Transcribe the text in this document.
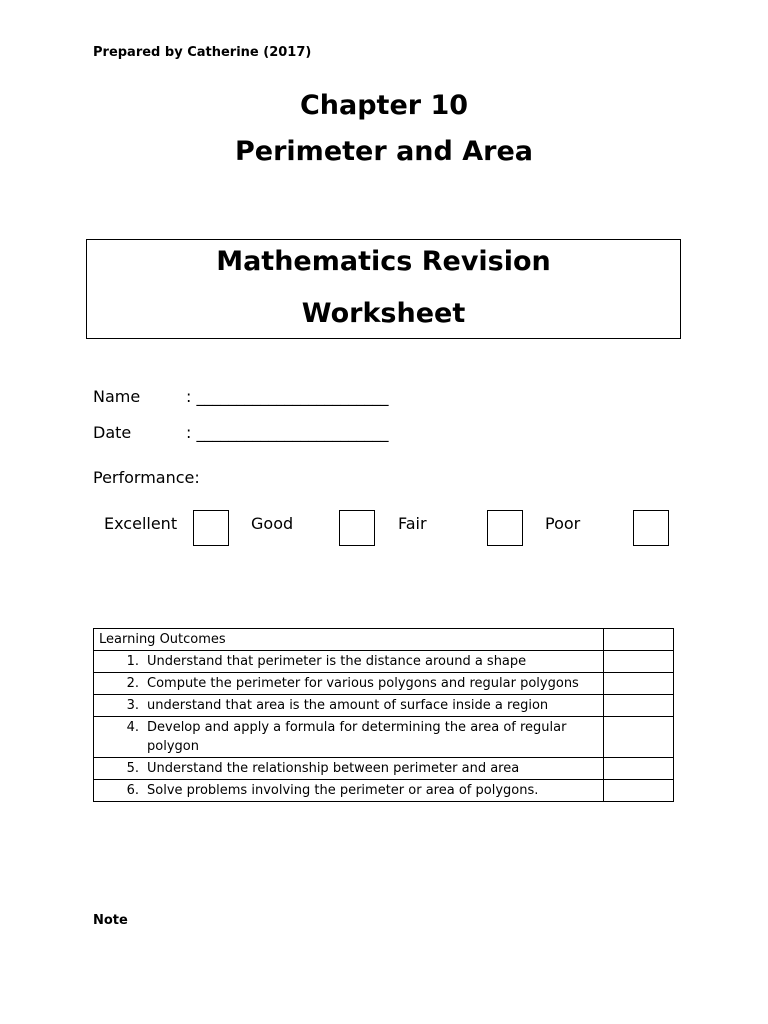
Prepared by Catherine (2017)
Chapter 10
Perimeter and Area
Mathematics Revision
Worksheet
Name	: ________________________
Date	: ________________________
Performance:
Excellent	Good	Fair	Poor
Learning Outcomes	

1. Understand that perimeter is the distance around a shape	

2. Compute the perimeter for various polygons and regular polygons	

3. understand that area is the amount of surface inside a region	

4. Develop and apply a formula for determining the area of regular polygon	

5. Understand the relationship between perimeter and area	

6. Solve problems involving the perimeter or area of polygons.	

Note
